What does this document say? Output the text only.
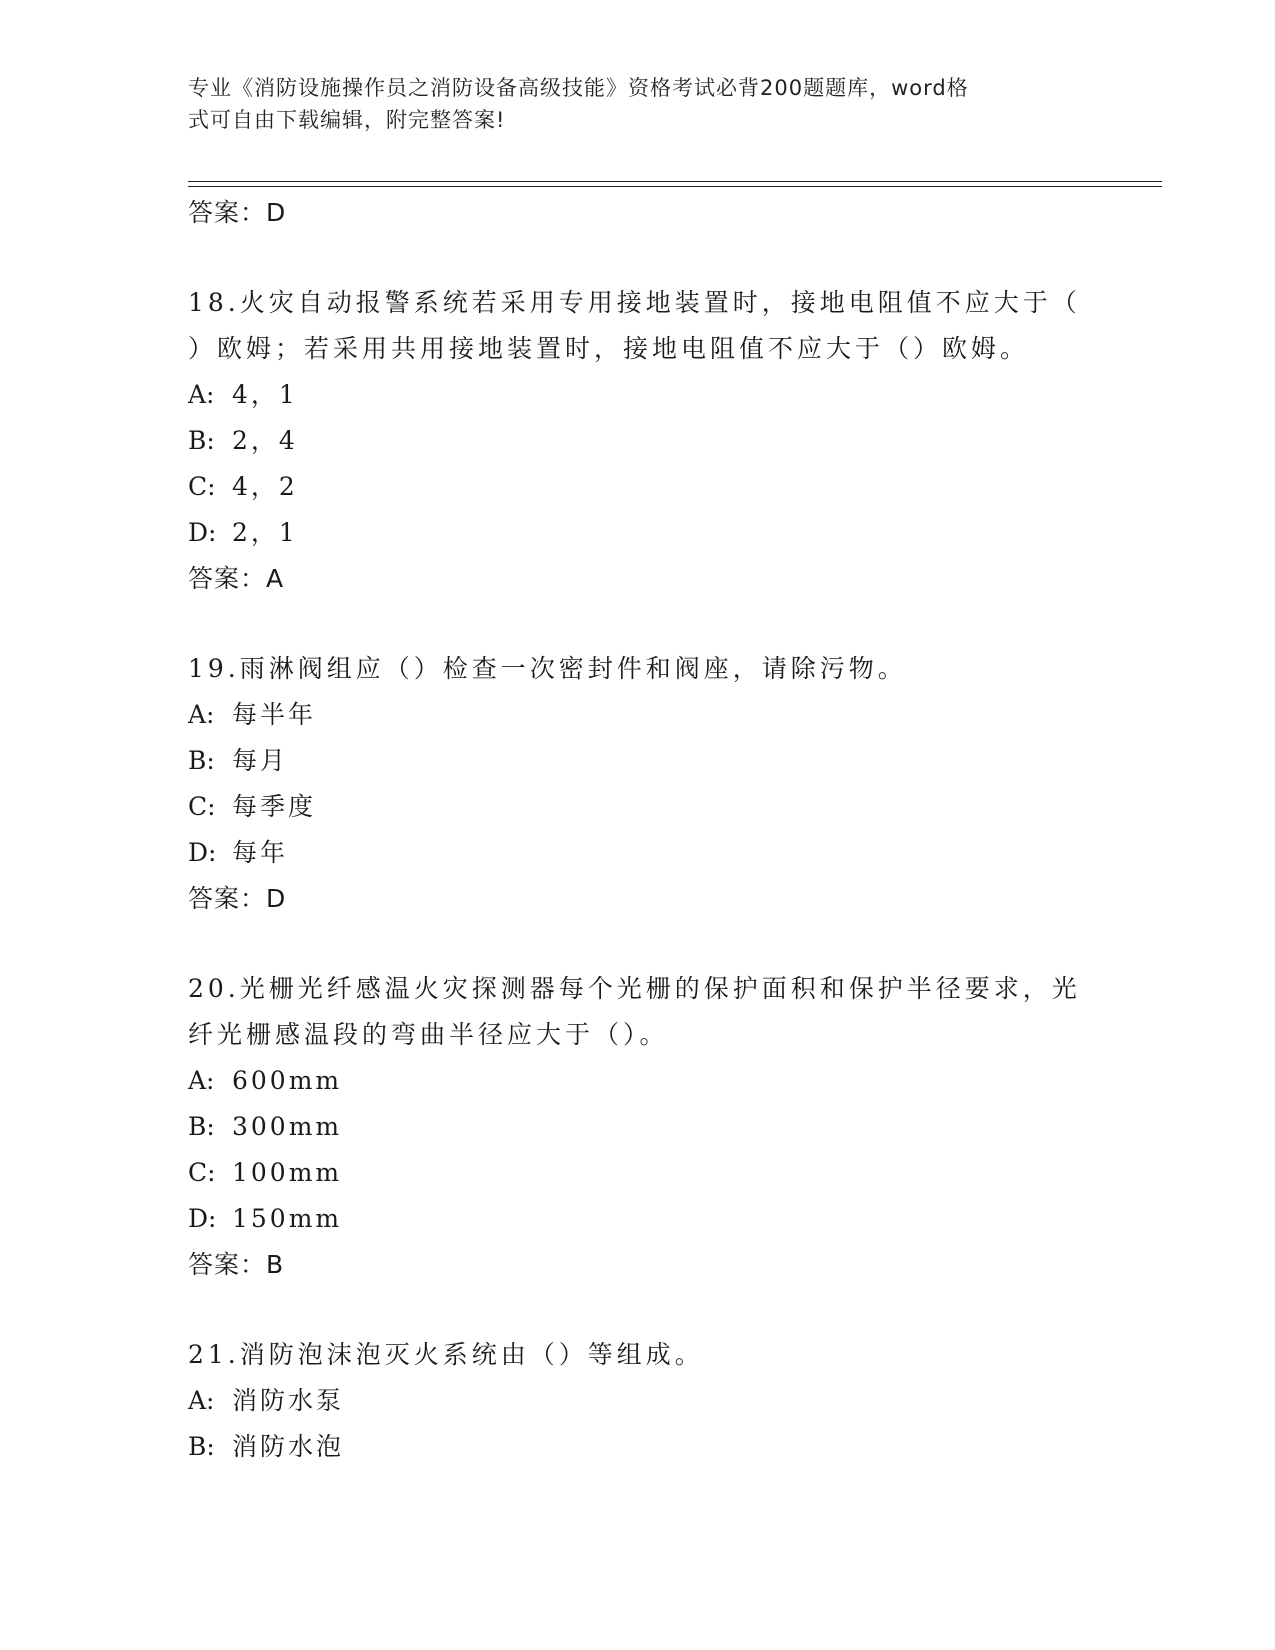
专业《消防设施操作员之消防设备高级技能》资格考试必背200题题库，word格
式可自由下载编辑，附完整答案!
答案：D
18.火灾自动报警系统若采用专用接地装置时，接地电阻值不应大于（
）欧姆；若采用共用接地装置时，接地电阻值不应大于（）欧姆。
A: 4，1
B: 2，4
C: 4，2
D: 2，1
答案：A
19.雨淋阀组应（）检查一次密封件和阀座，请除污物。
A: 每半年
B: 每月
C: 每季度
D: 每年
答案：D
20.光栅光纤感温火灾探测器每个光栅的保护面积和保护半径要求，光
纤光栅感温段的弯曲半径应大于（）。
A: 600mm
B: 300mm
C: 100mm
D: 150mm
答案：B
21.消防泡沫泡灭火系统由（）等组成。
A: 消防水泵
B: 消防水泡
